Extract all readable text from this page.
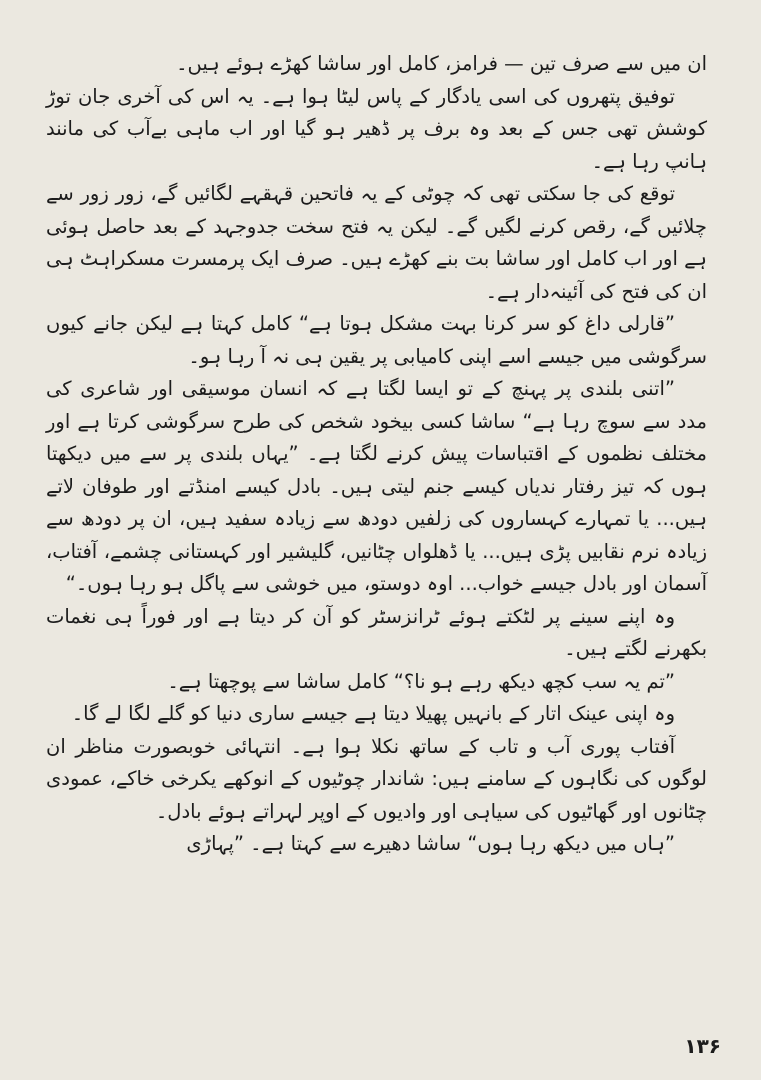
ان میں سے صرف تین — فرامز، کامل اور ساشا کھڑے ہوئے ہیں۔

توفیق پتھروں کی اسی یادگار کے پاس لیٹا ہوا ہے۔ یہ اس کی آخری جان توڑ کوشش تھی جس کے بعد وہ برف پر ڈھیر ہو گیا اور اب ماہی بےآب کی مانند ہانپ رہا ہے۔

توقع کی جا سکتی تھی کہ چوٹی کے یہ فاتحین قہقہے لگائیں گے، زور زور سے چلائیں گے، رقص کرنے لگیں گے۔ لیکن یہ فتح سخت جدوجہد کے بعد حاصل ہوئی ہے اور اب کامل اور ساشا بت بنے کھڑے ہیں۔ صرف ایک پرمسرت مسکراہٹ ہی ان کی فتح کی آئینہ‌دار ہے۔

”قارلی داغ کو سر کرنا بہت مشکل ہوتا ہے“ کامل کہتا ہے لیکن جانے کیوں سرگوشی میں جیسے اسے اپنی کامیابی پر یقین ہی نہ آ رہا ہو۔

”اتنی بلندی پر پہنچ کے تو ایسا لگتا ہے کہ انسان موسیقی اور شاعری کی مدد سے سوچ رہا ہے“ ساشا کسی بیخود شخص کی طرح سرگوشی کرتا ہے اور مختلف نظموں کے اقتباسات پیش کرنے لگتا ہے۔ ”یہاں بلندی پر سے میں دیکھتا ہوں کہ تیز رفتار ندیاں کیسے جنم لیتی ہیں۔ بادل کیسے امنڈتے اور طوفان لاتے ہیں... یا تمہارے کہساروں کی زلفیں دودھ سے زیادہ سفید ہیں، ان پر دودھ سے زیادہ نرم نقابیں پڑی ہیں... یا ڈھلواں چٹانیں، گلیشیر اور کہستانی چشمے، آفتاب، آسمان اور بادل جیسے خواب... اوہ دوستو، میں خوشی سے پاگل ہو رہا ہوں۔“

وہ اپنے سینے پر لٹکتے ہوئے ٹرانزسٹر کو آن کر دیتا ہے اور فوراً ہی نغمات بکھرنے لگتے ہیں۔

”تم یہ سب کچھ دیکھ رہے ہو نا؟“ کامل ساشا سے پوچھتا ہے۔

وہ اپنی عینک اتار کے بانہیں پھیلا دیتا ہے جیسے ساری دنیا کو گلے لگا لے گا۔

آفتاب پوری آب و تاب کے ساتھ نکلا ہوا ہے۔ انتہائی خوبصورت مناظر ان لوگوں کی نگاہوں کے سامنے ہیں: شاندار چوٹیوں کے انوکھے یکرخی خاکے، عمودی چٹانوں اور گھاٹیوں کی سیاہی اور وادیوں کے اوپر لہراتے ہوئے بادل۔

”ہاں میں دیکھ رہا ہوں“ ساشا دھیرے سے کہتا ہے۔ ”پہاڑی

۱۳۶
